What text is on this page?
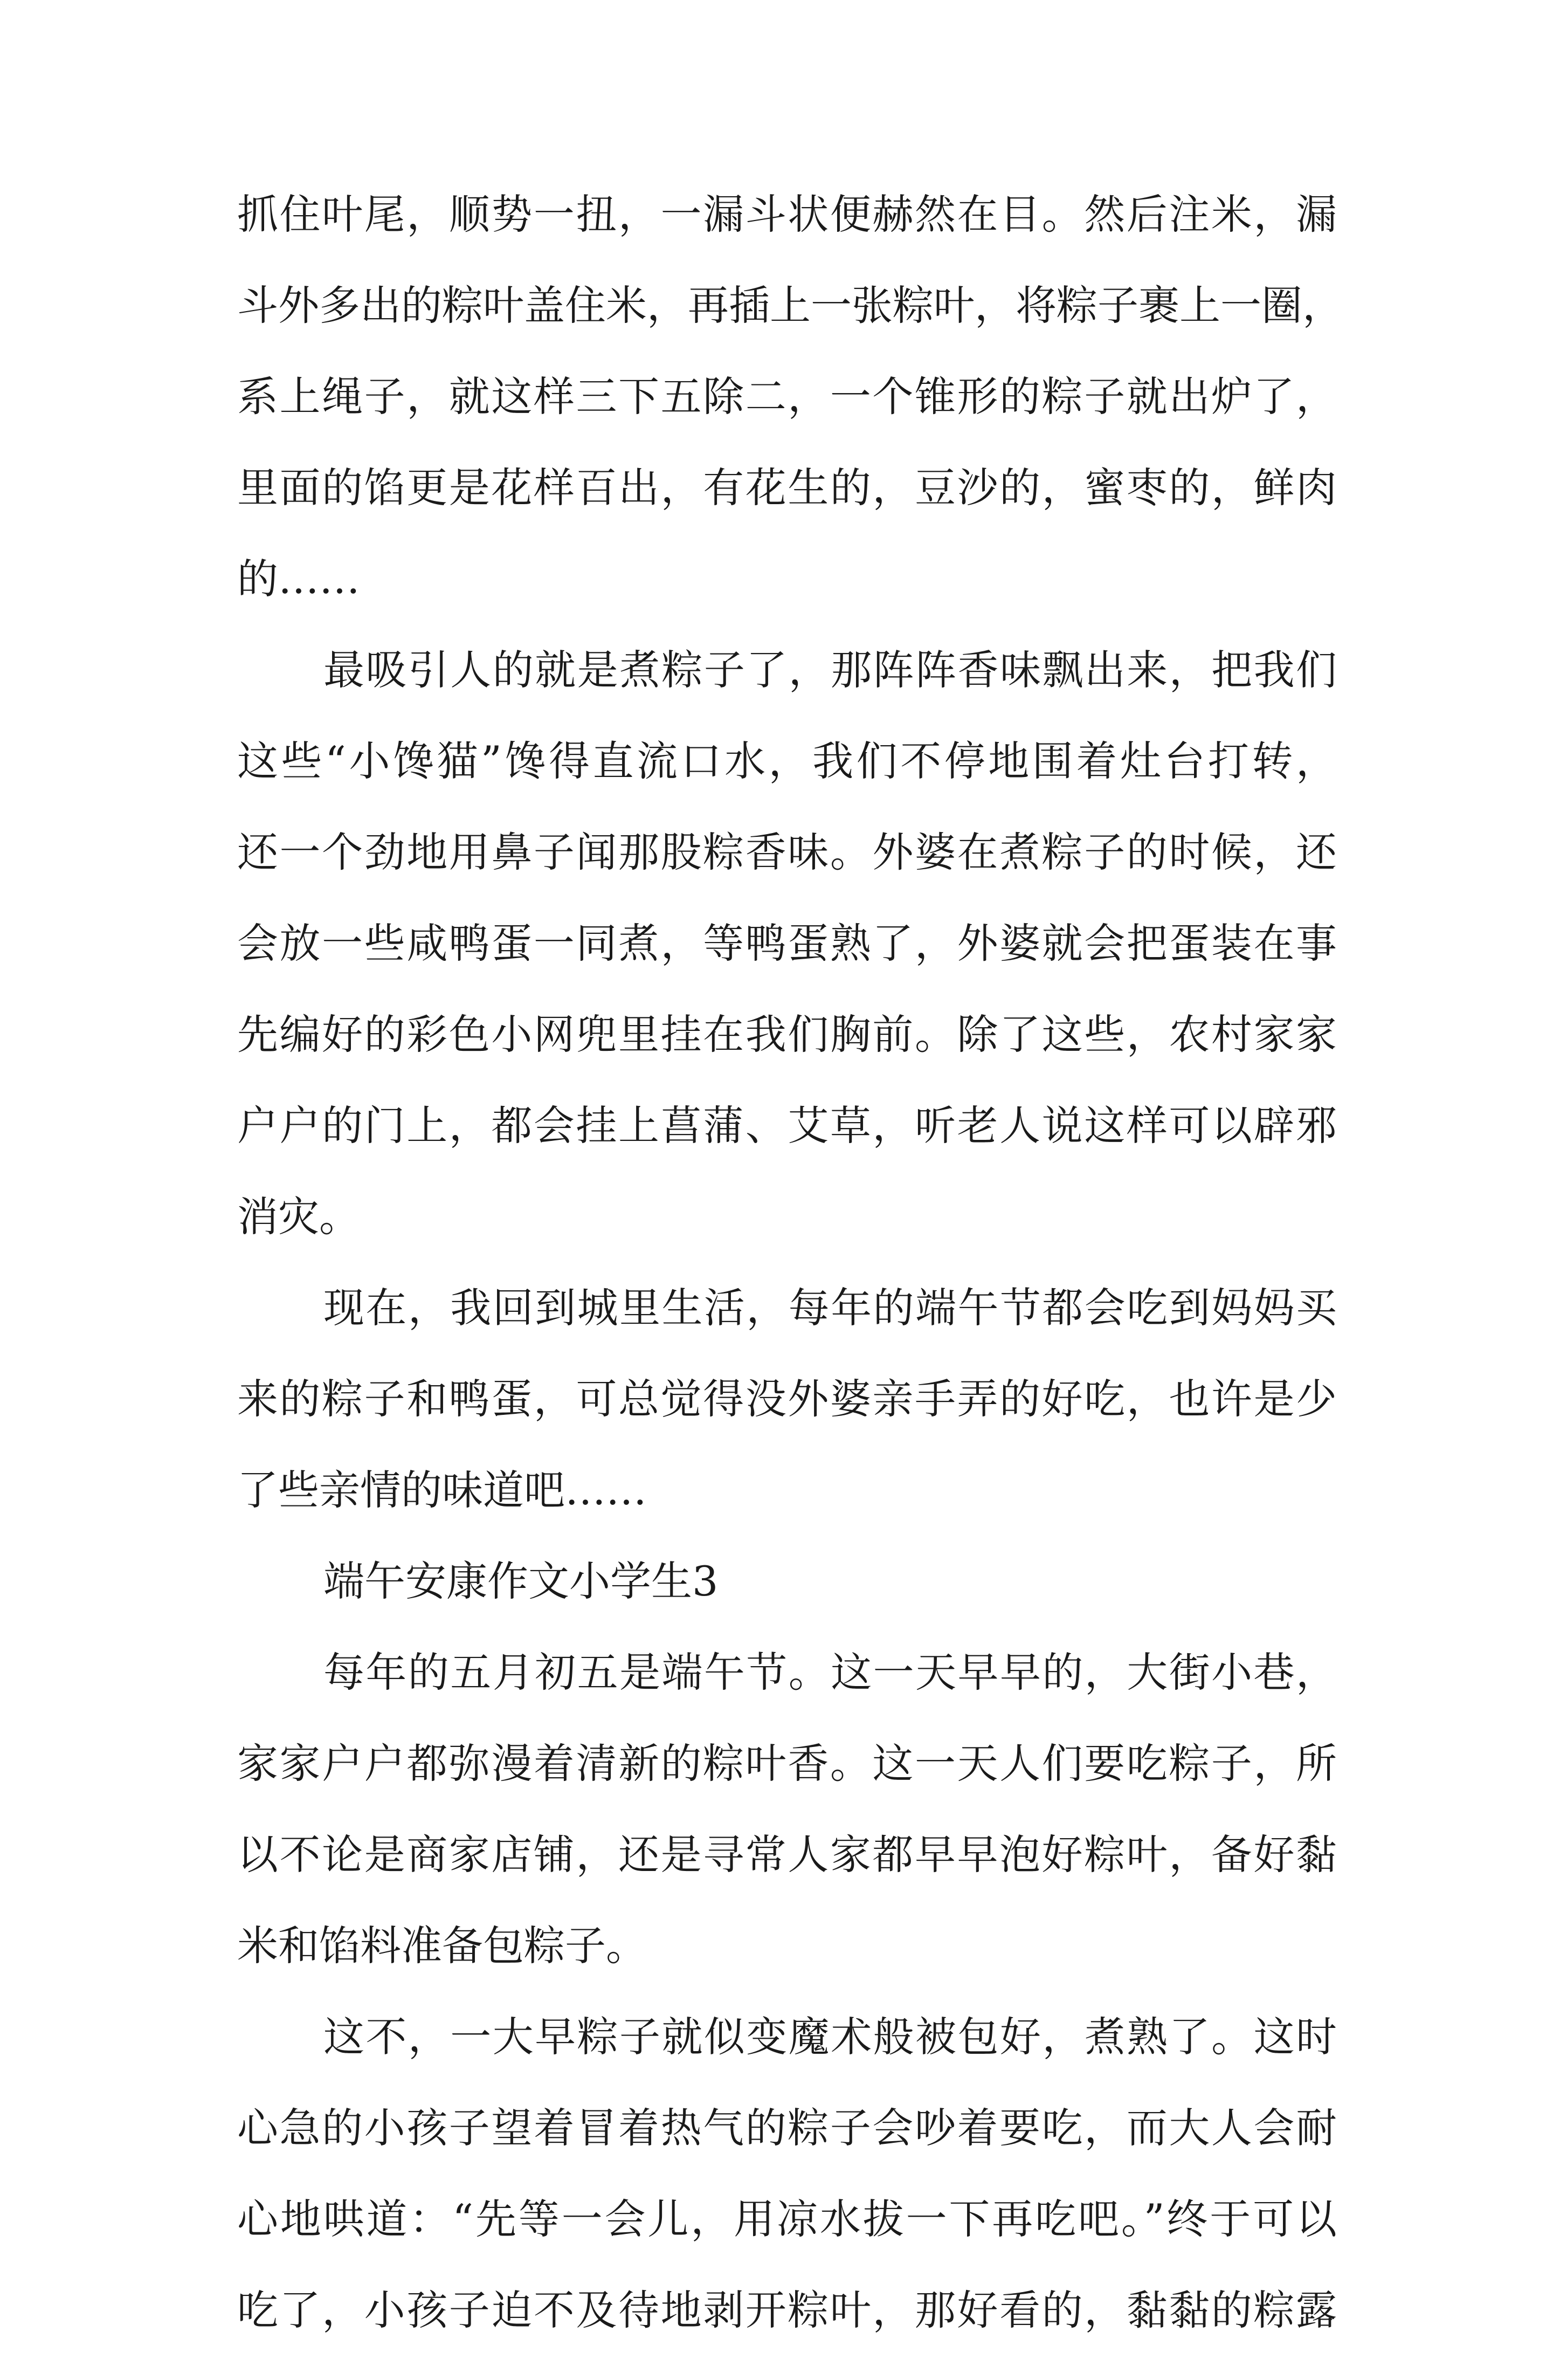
抓住叶尾，顺势一扭，一漏斗状便赫然在目。然后注米，漏
斗外多出的粽叶盖住米，再插上一张粽叶，将粽子裹上一圈，
系上绳子，就这样三下五除二，一个锥形的粽子就出炉了，
里面的馅更是花样百出，有花生的，豆沙的，蜜枣的，鲜肉
的……
最吸引人的就是煮粽子了，那阵阵香味飘出来，把我们
这些“小馋猫”馋得直流口水，我们不停地围着灶台打转，
还一个劲地用鼻子闻那股粽香味。外婆在煮粽子的时候，还
会放一些咸鸭蛋一同煮，等鸭蛋熟了，外婆就会把蛋装在事
先编好的彩色小网兜里挂在我们胸前。除了这些，农村家家
户户的门上，都会挂上菖蒲、艾草，听老人说这样可以辟邪
消灾。
现在，我回到城里生活，每年的端午节都会吃到妈妈买
来的粽子和鸭蛋，可总觉得没外婆亲手弄的好吃，也许是少
了些亲情的味道吧……
端午安康作文小学生3
每年的五月初五是端午节。这一天早早的，大街小巷，
家家户户都弥漫着清新的粽叶香。这一天人们要吃粽子，所
以不论是商家店铺，还是寻常人家都早早泡好粽叶，备好黏
米和馅料准备包粽子。
这不，一大早粽子就似变魔术般被包好，煮熟了。这时
心急的小孩子望着冒着热气的粽子会吵着要吃，而大人会耐
心地哄道：“先等一会儿，用凉水拔一下再吃吧。”终于可以
吃了，小孩子迫不及待地剥开粽叶，那好看的，黏黏的粽露
